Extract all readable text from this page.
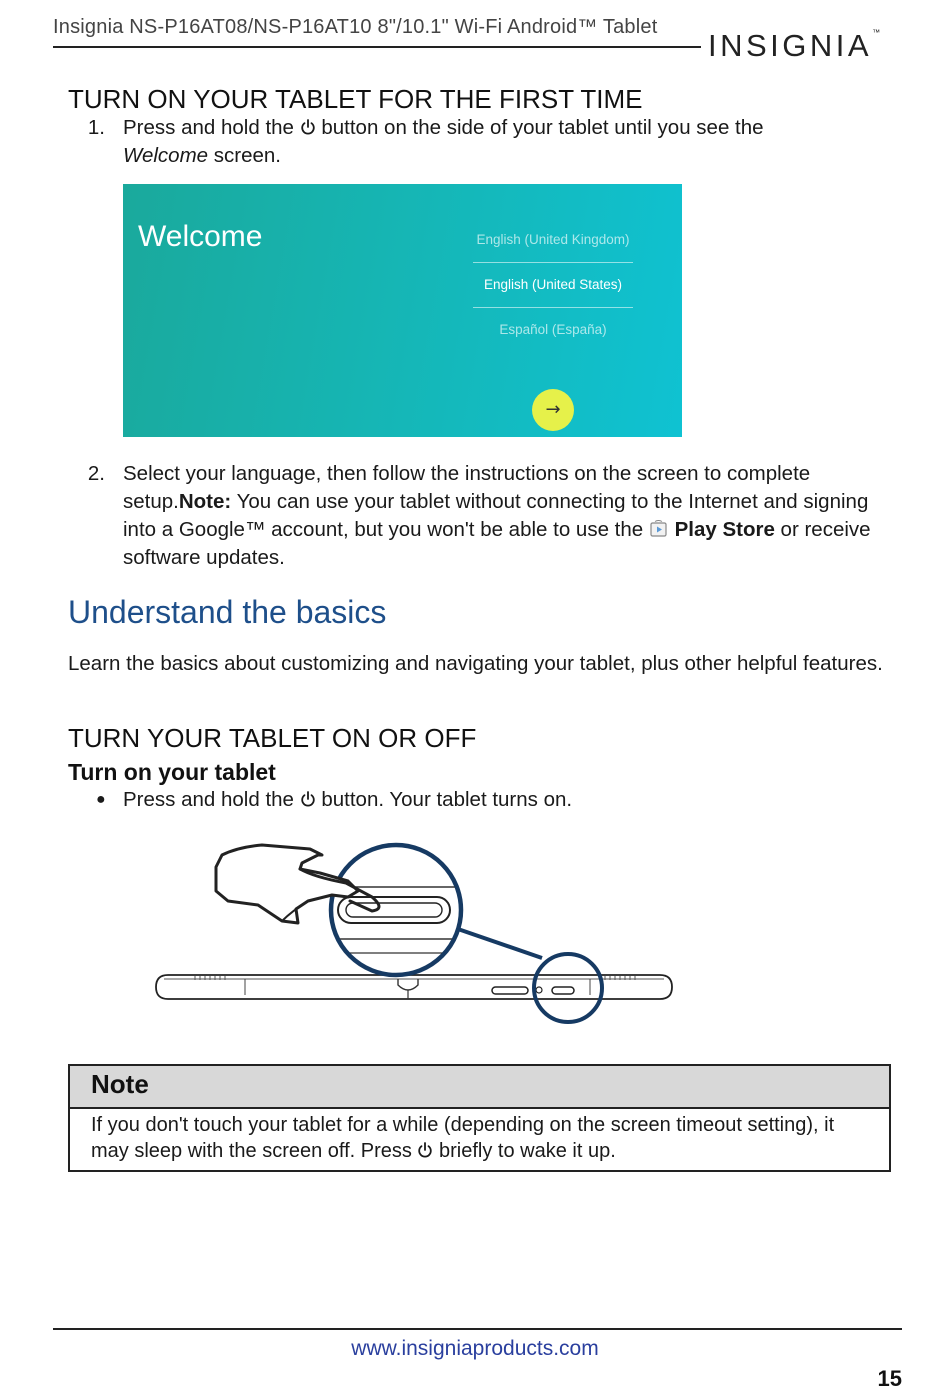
Insignia NS-P16AT08/NS-P16AT10 8"/10.1" Wi-Fi Android™ Tablet
INSIGNIA™
TURN ON YOUR TABLET FOR THE FIRST TIME
1. Press and hold the  button on the side of your tablet until you see the
Welcome screen.
Welcome	English (United Kingdom)
English (United States)
Español (España)
→
2. Select your language, then follow the instructions on the screen to complete setup.Note: You can use your tablet without connecting to the Internet and signing into a Google™ account, but you won't be able to use the  Play Store or receive software updates.
Understand the basics
Learn the basics about customizing and navigating your tablet, plus other helpful features.
TURN YOUR TABLET ON OR OFF
Turn on your tablet
● Press and hold the  button. Your tablet turns on.
Note
If you don't touch your tablet for a while (depending on the screen timeout setting), it may sleep with the screen off. Press  briefly to wake it up.
www.insigniaproducts.com
15
